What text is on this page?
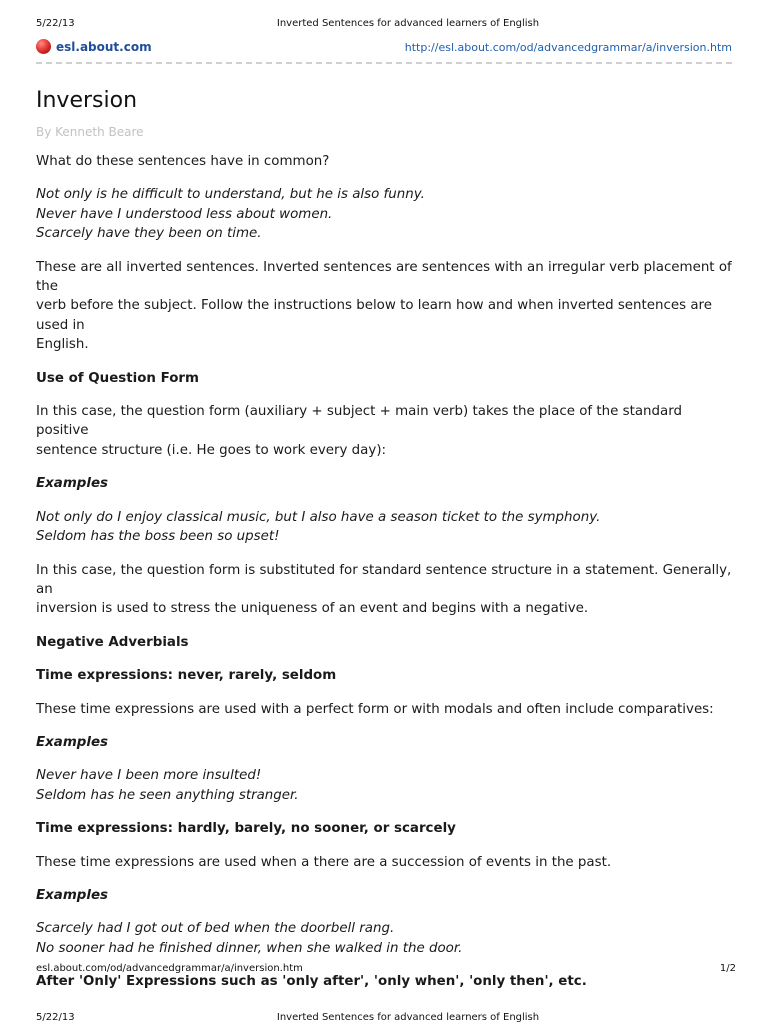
5/22/13	Inverted Sentences for advanced learners of English
esl.about.com	http://esl.about.com/od/advancedgrammar/a/inversion.htm
Inversion
By Kenneth Beare

What do these sentences have in common?

Not only is he difficult to understand, but he is also funny.
Never have I understood less about women.
Scarcely have they been on time.

These are all inverted sentences. Inverted sentences are sentences with an irregular verb placement of the
verb before the subject. Follow the instructions below to learn how and when inverted sentences are used in
English.

Use of Question Form

In this case, the question form (auxiliary + subject + main verb) takes the place of the standard positive
sentence structure (i.e. He goes to work every day):

Examples

Not only do I enjoy classical music, but I also have a season ticket to the symphony.
Seldom has the boss been so upset!

In this case, the question form is substituted for standard sentence structure in a statement. Generally, an
inversion is used to stress the uniqueness of an event and begins with a negative.

Negative Adverbials

Time expressions: never, rarely, seldom

These time expressions are used with a perfect form or with modals and often include comparatives:

Examples

Never have I been more insulted!
Seldom has he seen anything stranger.

Time expressions: hardly, barely, no sooner, or scarcely

These time expressions are used when a there are a succession of events in the past.

Examples

Scarcely had I got out of bed when the doorbell rang.
No sooner had he finished dinner, when she walked in the door.

After 'Only' Expressions such as 'only after', 'only when', 'only then', etc.

esl.about.com/od/advancedgrammar/a/inversion.htm	1/2
5/22/13	Inverted Sentences for advanced learners of English
